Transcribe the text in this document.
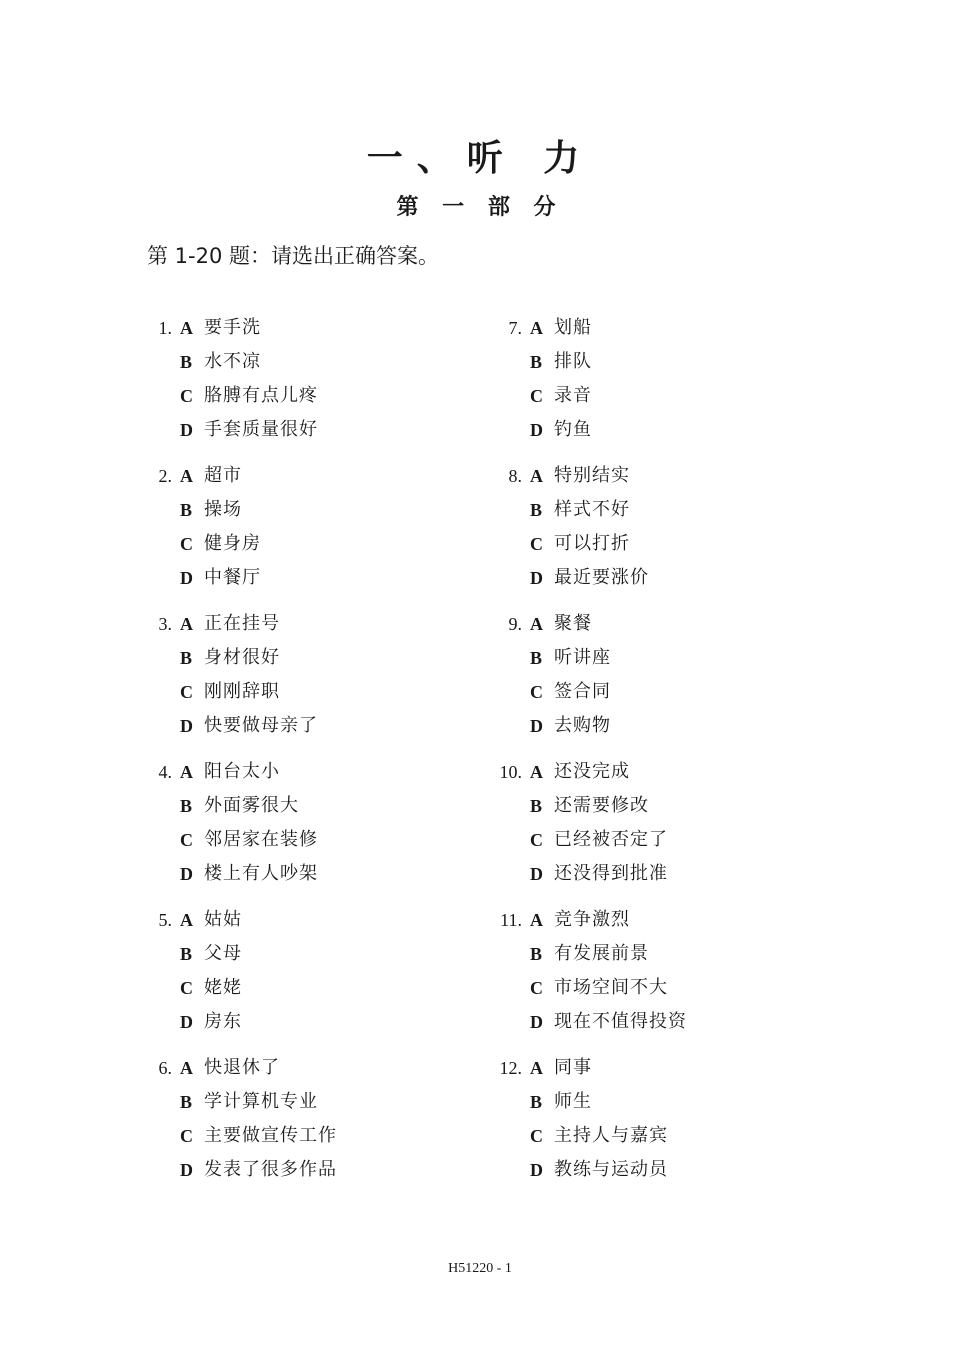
一、听 力
第 一 部 分
第 1-20 题：请选出正确答案。
1. A 要手洗
B 水不凉
C 胳膊有点儿疼
D 手套质量很好
2. A 超市
B 操场
C 健身房
D 中餐厅
3. A 正在挂号
B 身材很好
C 刚刚辞职
D 快要做母亲了
4. A 阳台太小
B 外面雾很大
C 邻居家在装修
D 楼上有人吵架
5. A 姑姑
B 父母
C 姥姥
D 房东
6. A 快退休了
B 学计算机专业
C 主要做宣传工作
D 发表了很多作品
7. A 划船
B 排队
C 录音
D 钓鱼
8. A 特别结实
B 样式不好
C 可以打折
D 最近要涨价
9. A 聚餐
B 听讲座
C 签合同
D 去购物
10. A 还没完成
B 还需要修改
C 已经被否定了
D 还没得到批准
11. A 竞争激烈
B 有发展前景
C 市场空间不大
D 现在不值得投资
12. A 同事
B 师生
C 主持人与嘉宾
D 教练与运动员
H51220 - 1
